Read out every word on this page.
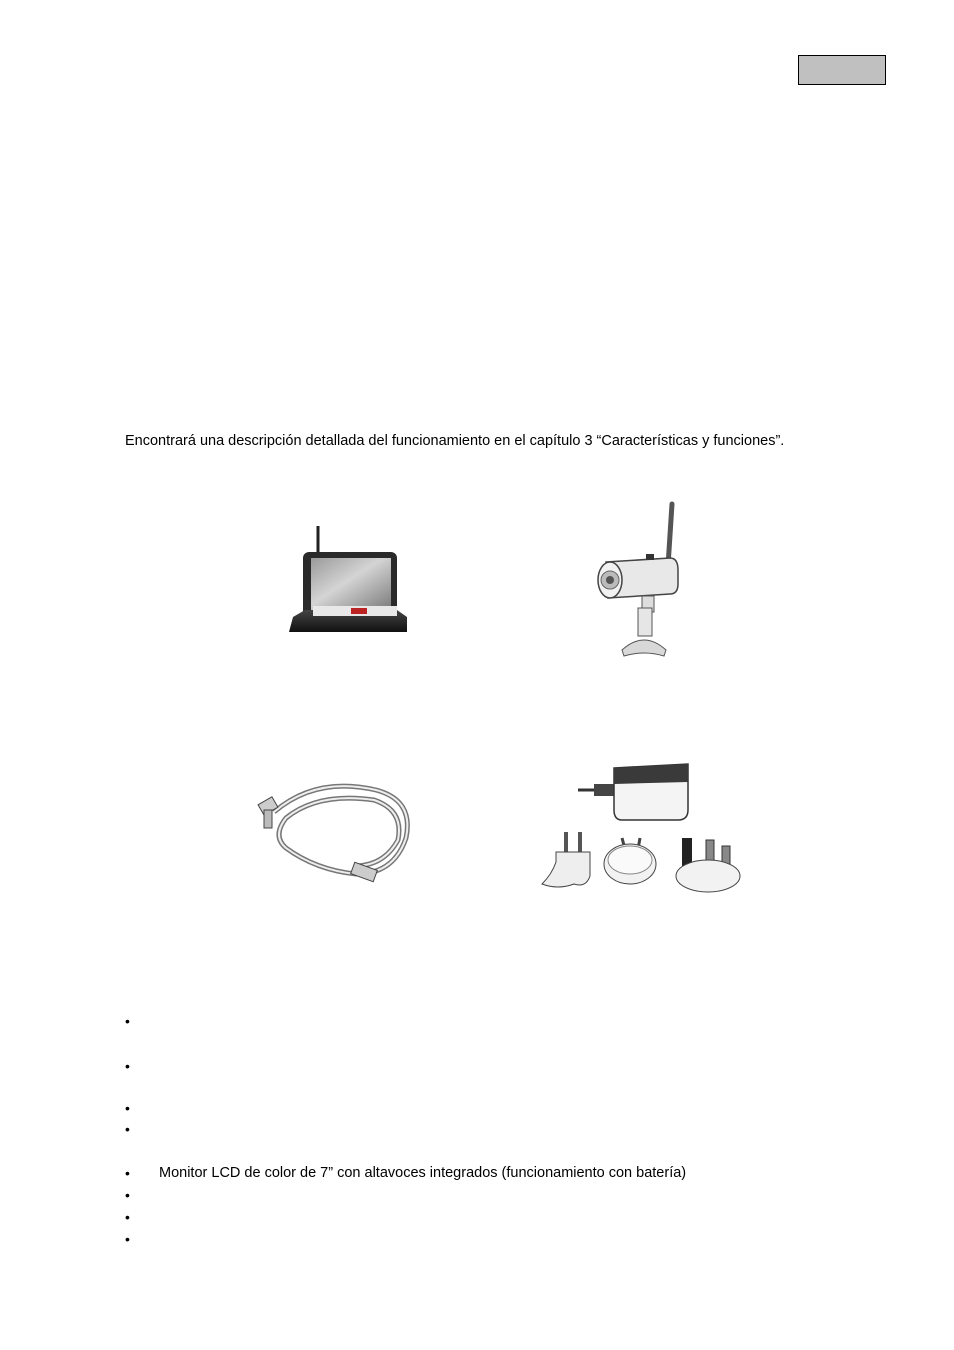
Encontrará una descripción detallada del funcionamiento en el capítulo 3 “Características y funciones”.

•
•
•
•
•	Monitor LCD de color de 7” con altavoces integrados (funcionamiento con batería)
•
•
•
